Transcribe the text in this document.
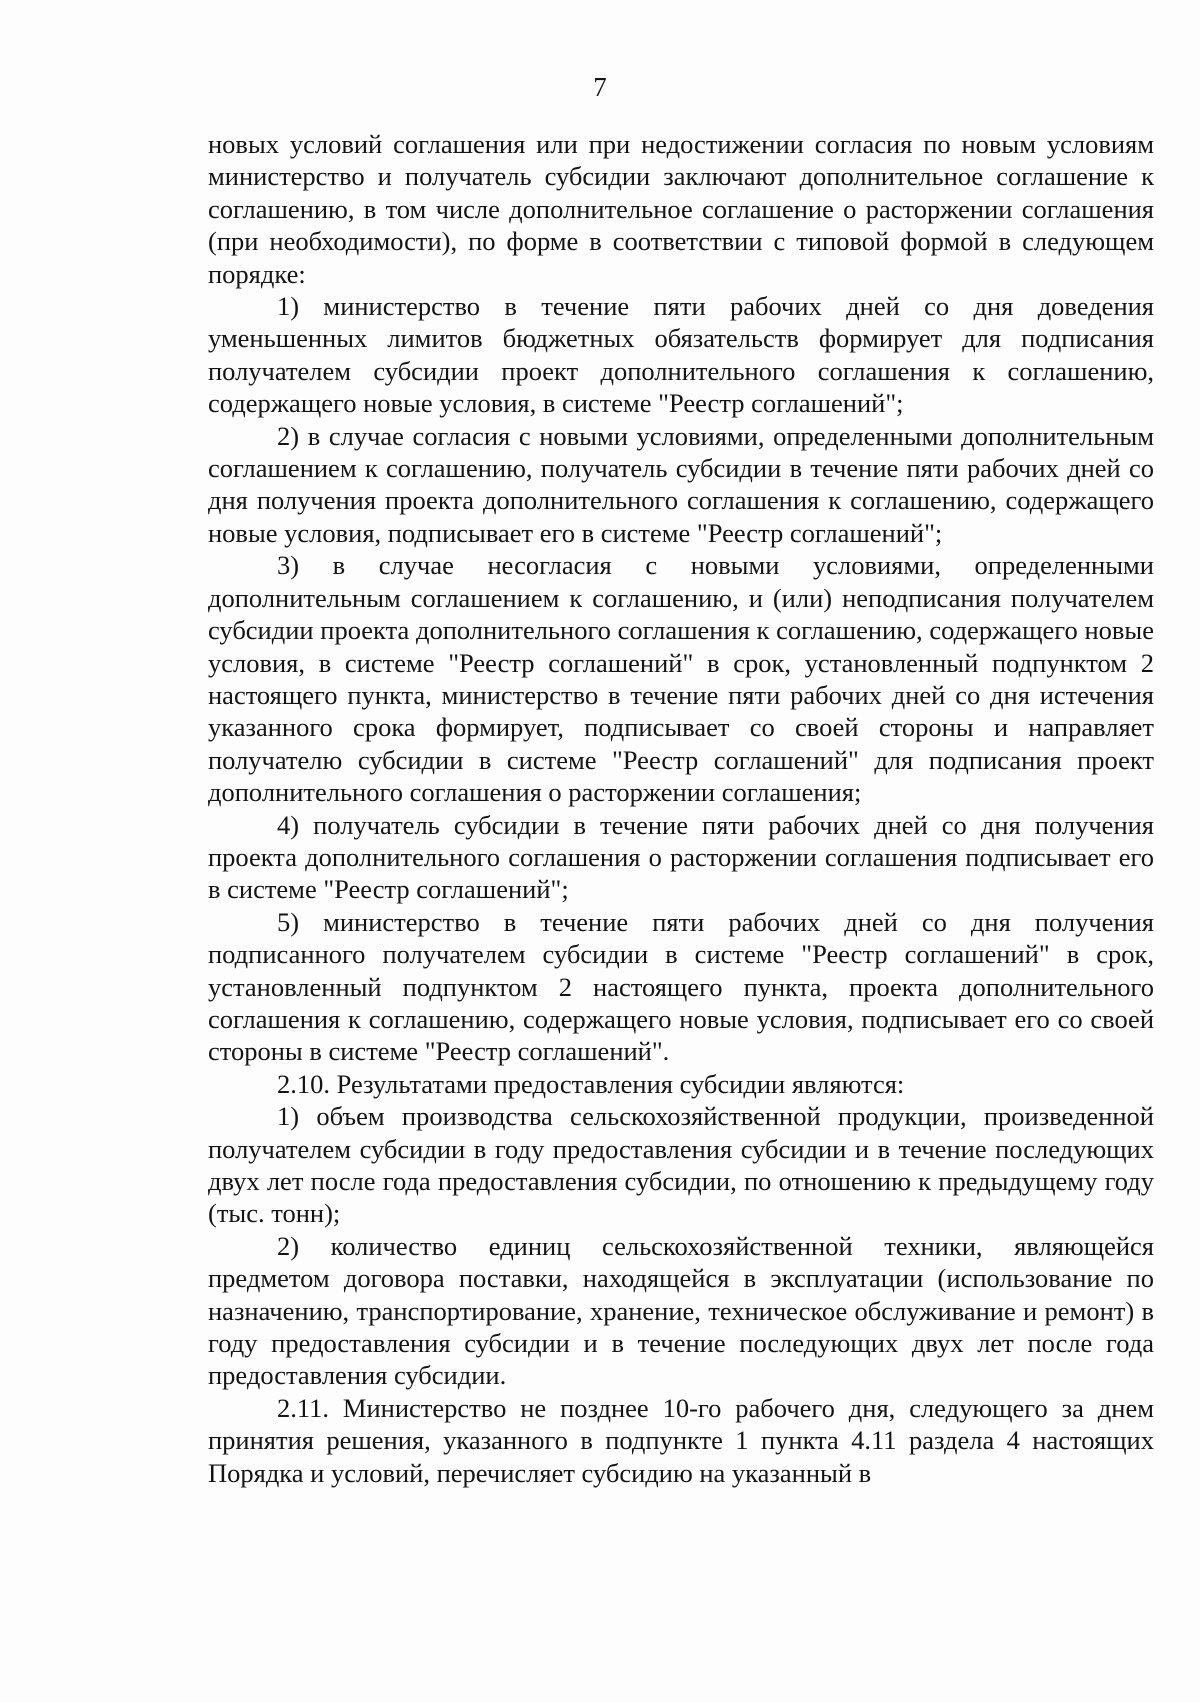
7

новых условий соглашения или при недостижении согласия по новым условиям министерство и получатель субсидии заключают дополнительное соглашение к соглашению, в том числе дополнительное соглашение о расторжении соглашения (при необходимости), по форме в соответствии с типовой формой в следующем порядке:

1) министерство в течение пяти рабочих дней со дня доведения уменьшенных лимитов бюджетных обязательств формирует для подписания получателем субсидии проект дополнительного соглашения к соглашению, содержащего новые условия, в системе "Реестр соглашений";

2) в случае согласия с новыми условиями, определенными дополнительным соглашением к соглашению, получатель субсидии в течение пяти рабочих дней со дня получения проекта дополнительного соглашения к соглашению, содержащего новые условия, подписывает его в системе "Реестр соглашений";

3) в случае несогласия с новыми условиями, определенными дополнительным соглашением к соглашению, и (или) неподписания получателем субсидии проекта дополнительного соглашения к соглашению, содержащего новые условия, в системе "Реестр соглашений" в срок, установленный подпунктом 2 настоящего пункта, министерство в течение пяти рабочих дней со дня истечения указанного срока формирует, подписывает со своей стороны и направляет получателю субсидии в системе "Реестр соглашений" для подписания проект дополнительного соглашения о расторжении соглашения;

4) получатель субсидии в течение пяти рабочих дней со дня получения проекта дополнительного соглашения о расторжении соглашения подписывает его в системе "Реестр соглашений";

5) министерство в течение пяти рабочих дней со дня получения подписанного получателем субсидии в системе "Реестр соглашений" в срок, установленный подпунктом 2 настоящего пункта, проекта дополнительного соглашения к соглашению, содержащего новые условия, подписывает его со своей стороны в системе "Реестр соглашений".

2.10. Результатами предоставления субсидии являются:

1) объем производства сельскохозяйственной продукции, произведенной получателем субсидии в году предоставления субсидии и в течение последующих двух лет после года предоставления субсидии, по отношению к предыдущему году (тыс. тонн);

2) количество единиц сельскохозяйственной техники, являющейся предметом договора поставки, находящейся в эксплуатации (использование по назначению, транспортирование, хранение, техническое обслуживание и ремонт) в году предоставления субсидии и в течение последующих двух лет после года предоставления субсидии.

2.11. Министерство не позднее 10-го рабочего дня, следующего за днем принятия решения, указанного в подпункте 1 пункта 4.11 раздела 4 настоящих Порядка и условий, перечисляет субсидию на указанный в
